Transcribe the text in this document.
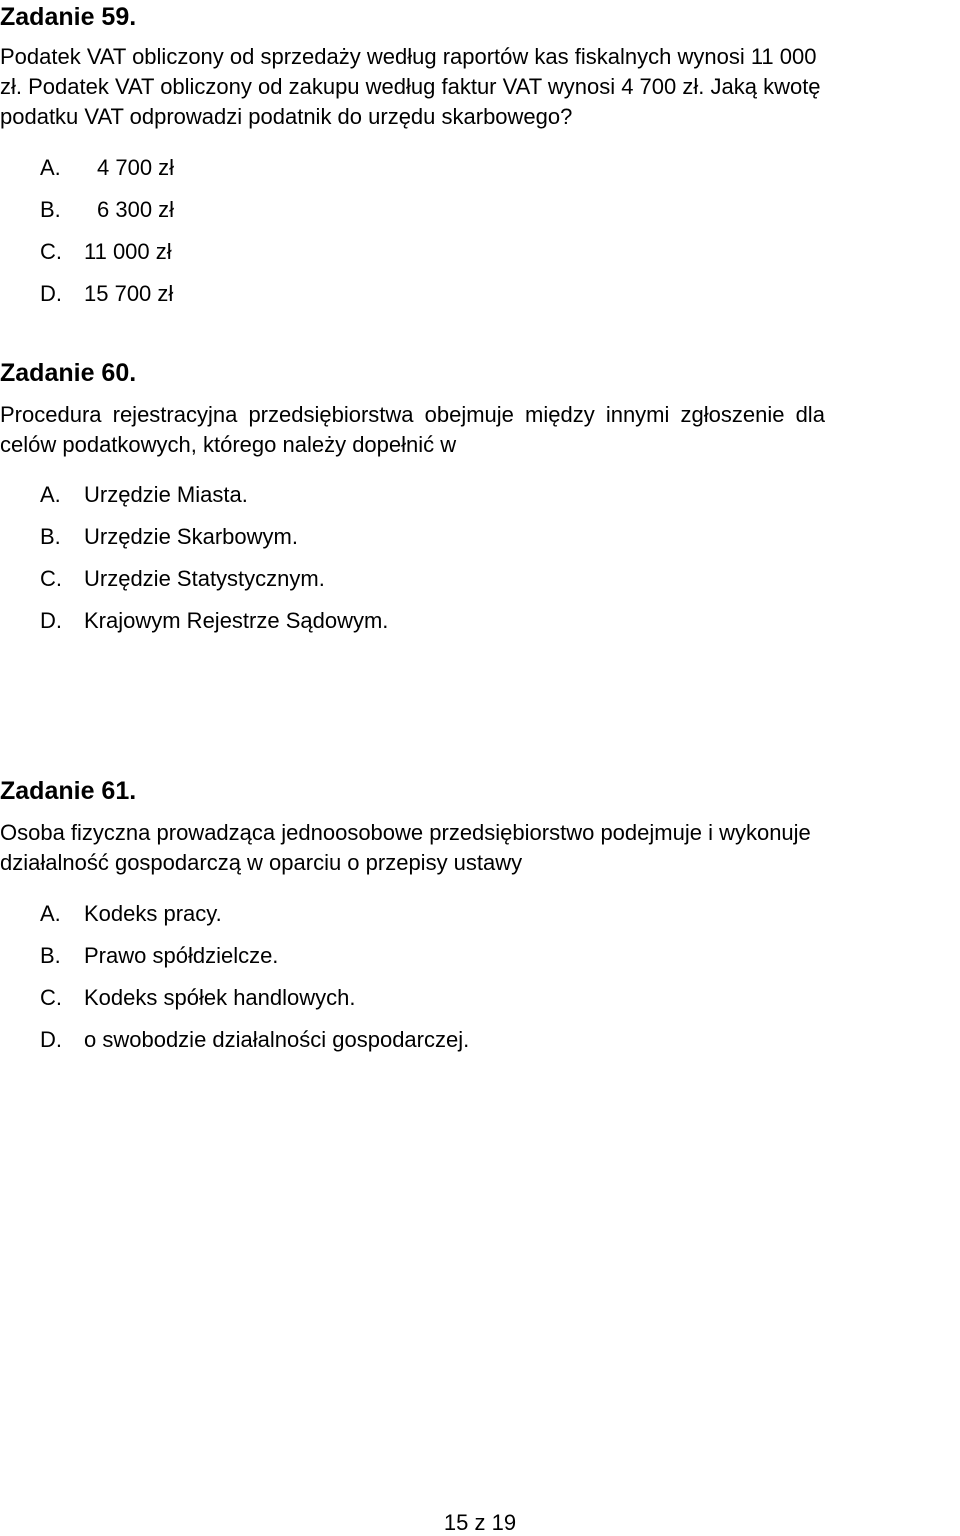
Zadanie 59.
Podatek VAT obliczony od sprzedaży według raportów kas fiskalnych wynosi 11 000
zł. Podatek VAT obliczony od zakupu według faktur VAT wynosi 4 700 zł. Jaką kwotę
podatku VAT odprowadzi podatnik do urzędu skarbowego?
A. 4 700 zł
B. 6 300 zł
C. 11 000 zł
D. 15 700 zł
Zadanie 60.
Procedura rejestracyjna przedsiębiorstwa obejmuje między innymi zgłoszenie dla
celów podatkowych, którego należy dopełnić w
A. Urzędzie Miasta.
B. Urzędzie Skarbowym.
C. Urzędzie Statystycznym.
D. Krajowym Rejestrze Sądowym.
Zadanie 61.
Osoba fizyczna prowadząca jednoosobowe przedsiębiorstwo podejmuje i wykonuje
działalność gospodarczą w oparciu o przepisy ustawy
A. Kodeks pracy.
B. Prawo spółdzielcze.
C. Kodeks spółek handlowych.
D. o swobodzie działalności gospodarczej.
15 z 19
